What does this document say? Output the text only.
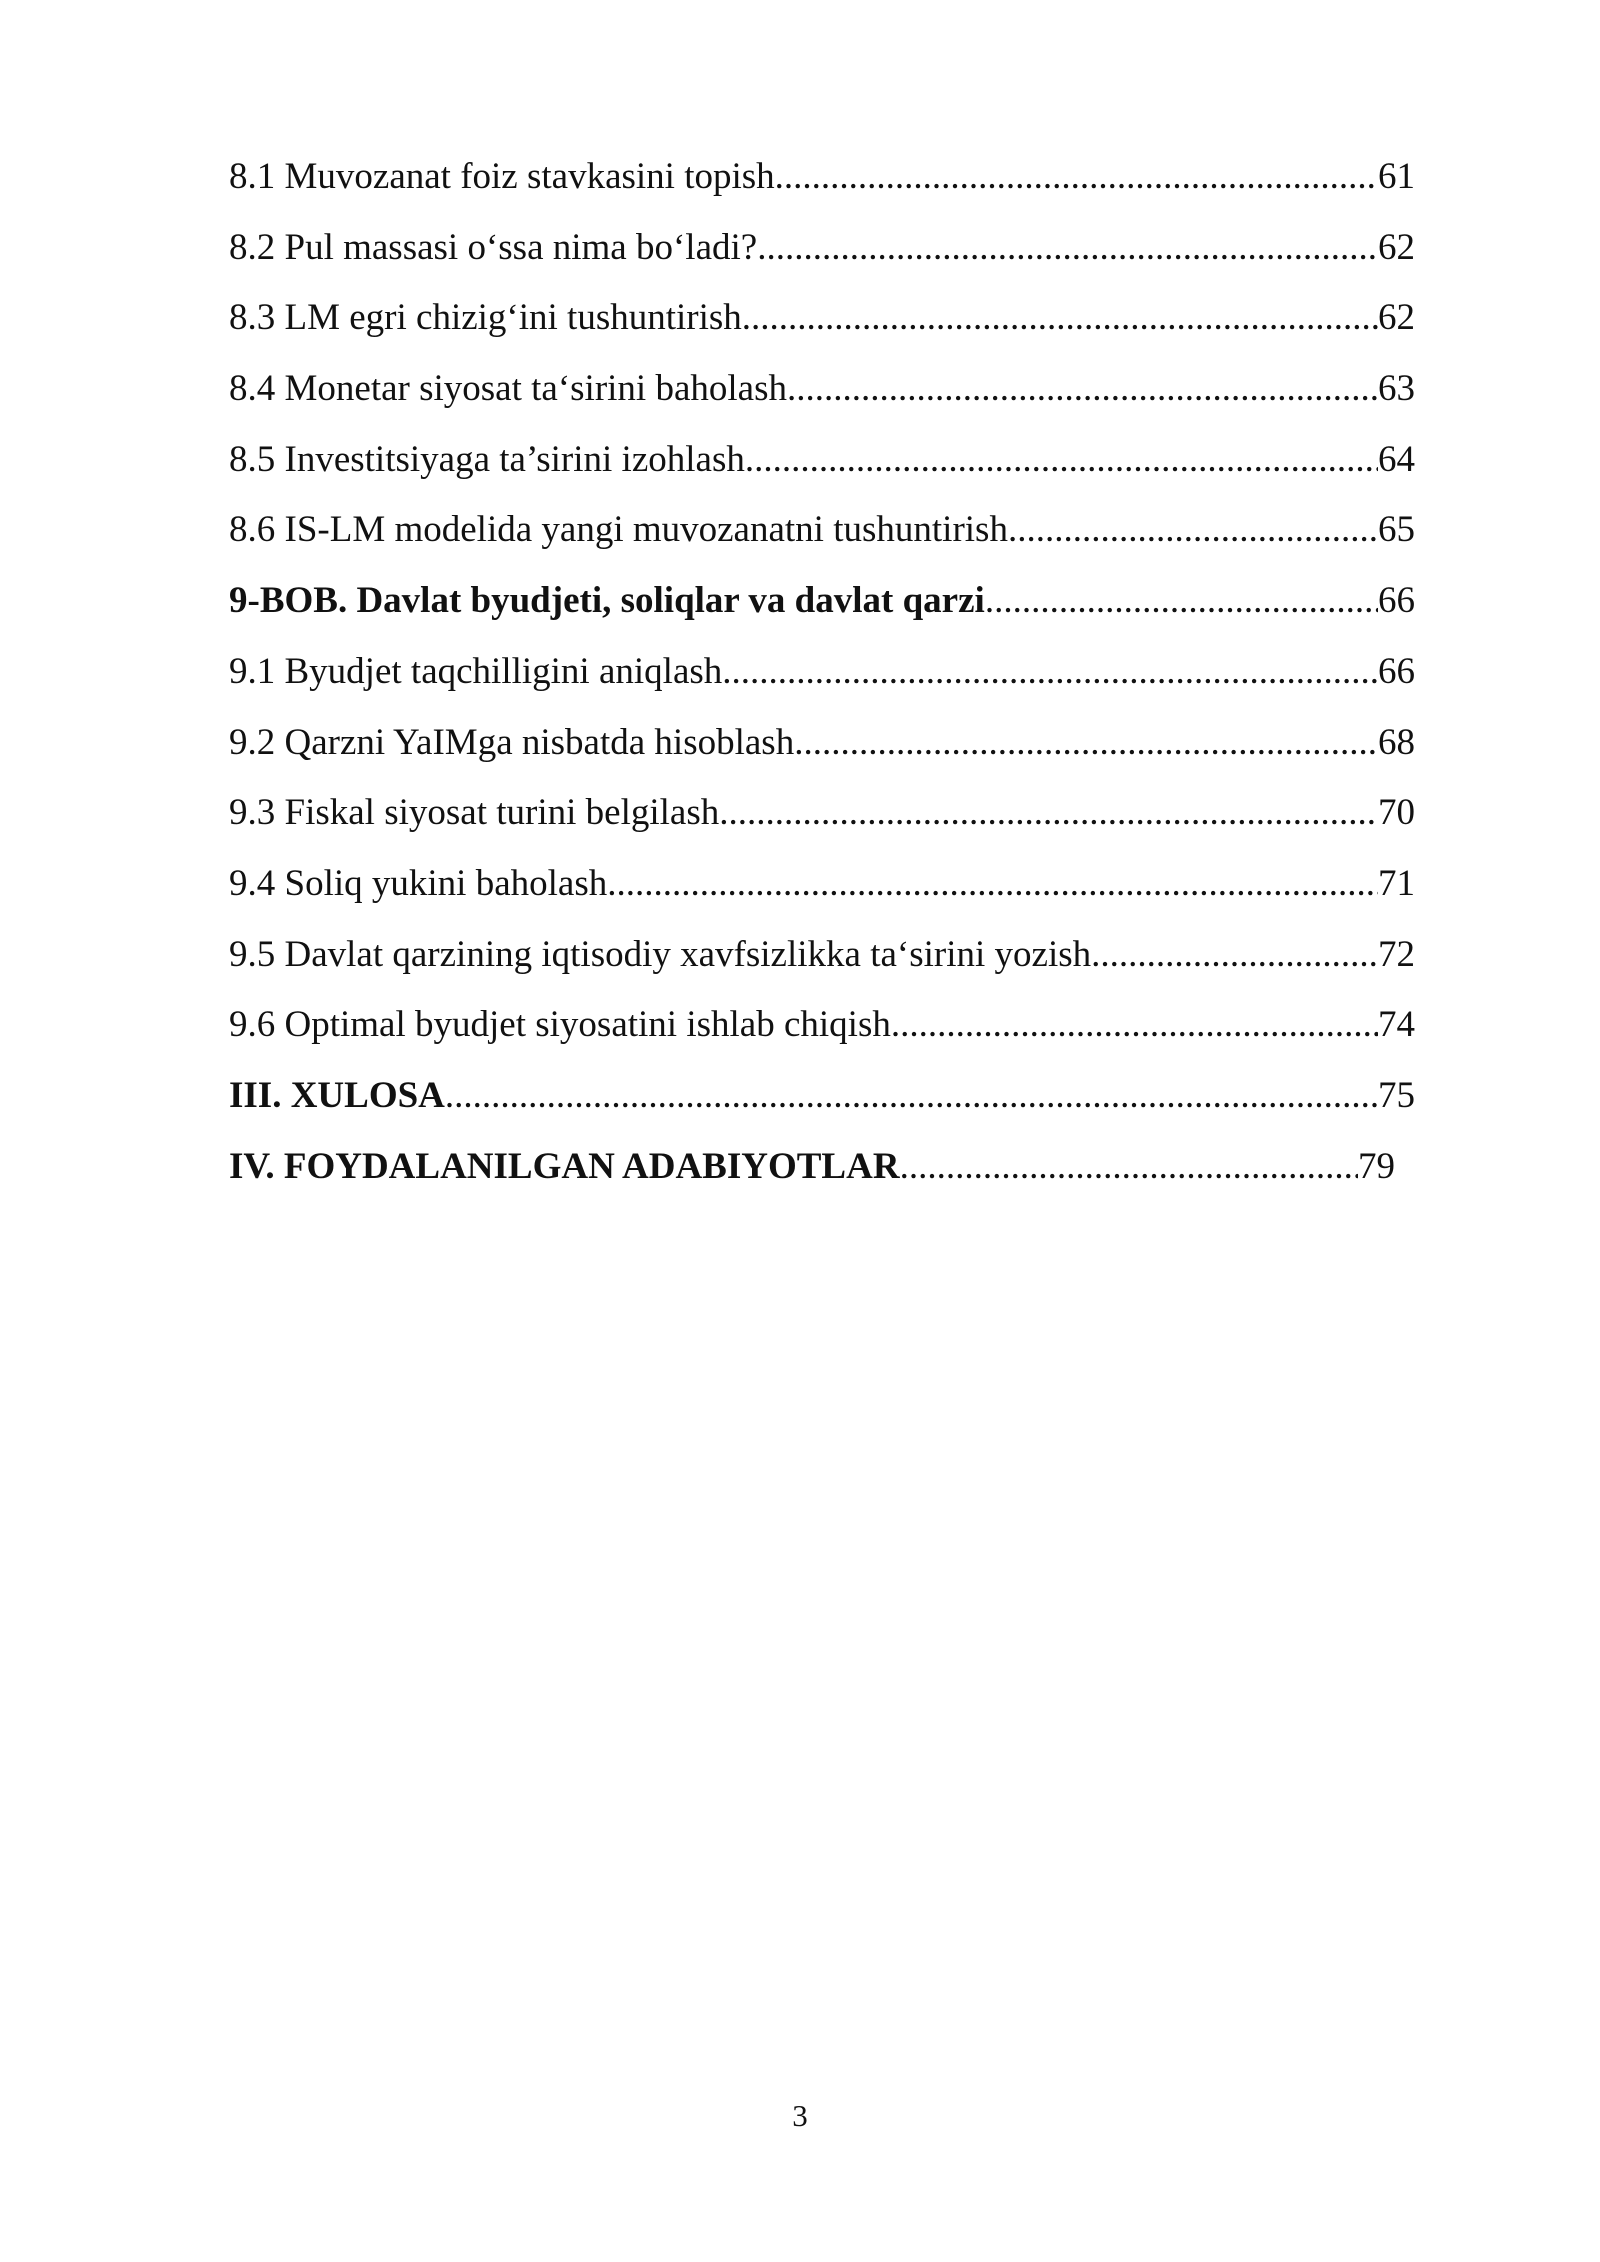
8.1 Muvozanat foiz stavkasini topish .....	61
8.2 Pul massasi o‘ssa nima bo‘ladi? .....	62
8.3 LM egri chizig‘ini tushuntirish .....	62
8.4 Monetar siyosat ta‘sirini baholash .....	63
8.5 Investitsiyaga ta’sirini izohlash .....	64
8.6 IS-LM modelida yangi muvozanatni tushuntirish .....	65
9-BOB. Davlat byudjeti, soliqlar va davlat qarzi .....	66
9.1 Byudjet taqchilligini aniqlash .....	66
9.2 Qarzni YaIMga nisbatda hisoblash .....	68
9.3 Fiskal siyosat turini belgilash .....	70
9.4 Soliq yukini baholash .....	71
9.5 Davlat qarzining iqtisodiy xavfsizlikka ta‘sirini yozish .....	72
9.6 Optimal byudjet siyosatini ishlab chiqish .....	74
III. XULOSA .....	75
IV. FOYDALANILGAN ADABIYOTLAR .....	79
3
